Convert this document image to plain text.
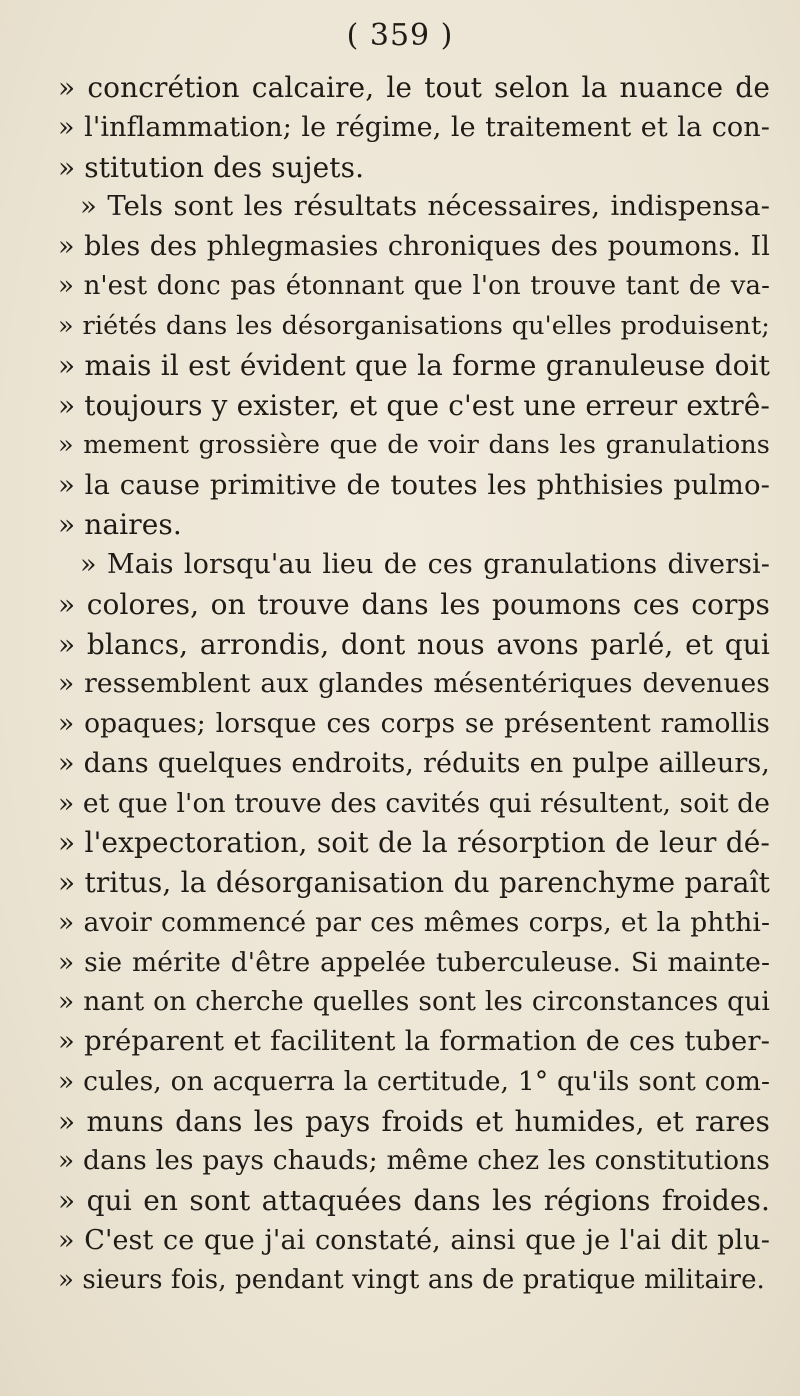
( 359 )
» concrétion calcaire, le tout selon la nuance de
» l'inflammation; le régime, le traitement et la con-
» stitution des sujets.
» Tels sont les résultats nécessaires, indispensa-
» bles des phlegmasies chroniques des poumons. Il
» n'est donc pas étonnant que l'on trouve tant de va-
» riétés dans les désorganisations qu'elles produisent;
» mais il est évident que la forme granuleuse doit
» toujours y exister, et que c'est une erreur extrê-
» mement grossière que de voir dans les granulations
» la cause primitive de toutes les phthisies pulmo-
» naires.
» Mais lorsqu'au lieu de ces granulations diversi-
» colores, on trouve dans les poumons ces corps
» blancs, arrondis, dont nous avons parlé, et qui
» ressemblent aux glandes mésentériques devenues
» opaques; lorsque ces corps se présentent ramollis
» dans quelques endroits, réduits en pulpe ailleurs,
» et que l'on trouve des cavités qui résultent, soit de
» l'expectoration, soit de la résorption de leur dé-
» tritus, la désorganisation du parenchyme paraît
» avoir commencé par ces mêmes corps, et la phthi-
» sie mérite d'être appelée tuberculeuse. Si mainte-
» nant on cherche quelles sont les circonstances qui
» préparent et facilitent la formation de ces tuber-
» cules, on acquerra la certitude, 1° qu'ils sont com-
» muns dans les pays froids et humides, et rares
» dans les pays chauds; même chez les constitutions
» qui en sont attaquées dans les régions froides.
» C'est ce que j'ai constaté, ainsi que je l'ai dit plu-
» sieurs fois, pendant vingt ans de pratique militaire.
